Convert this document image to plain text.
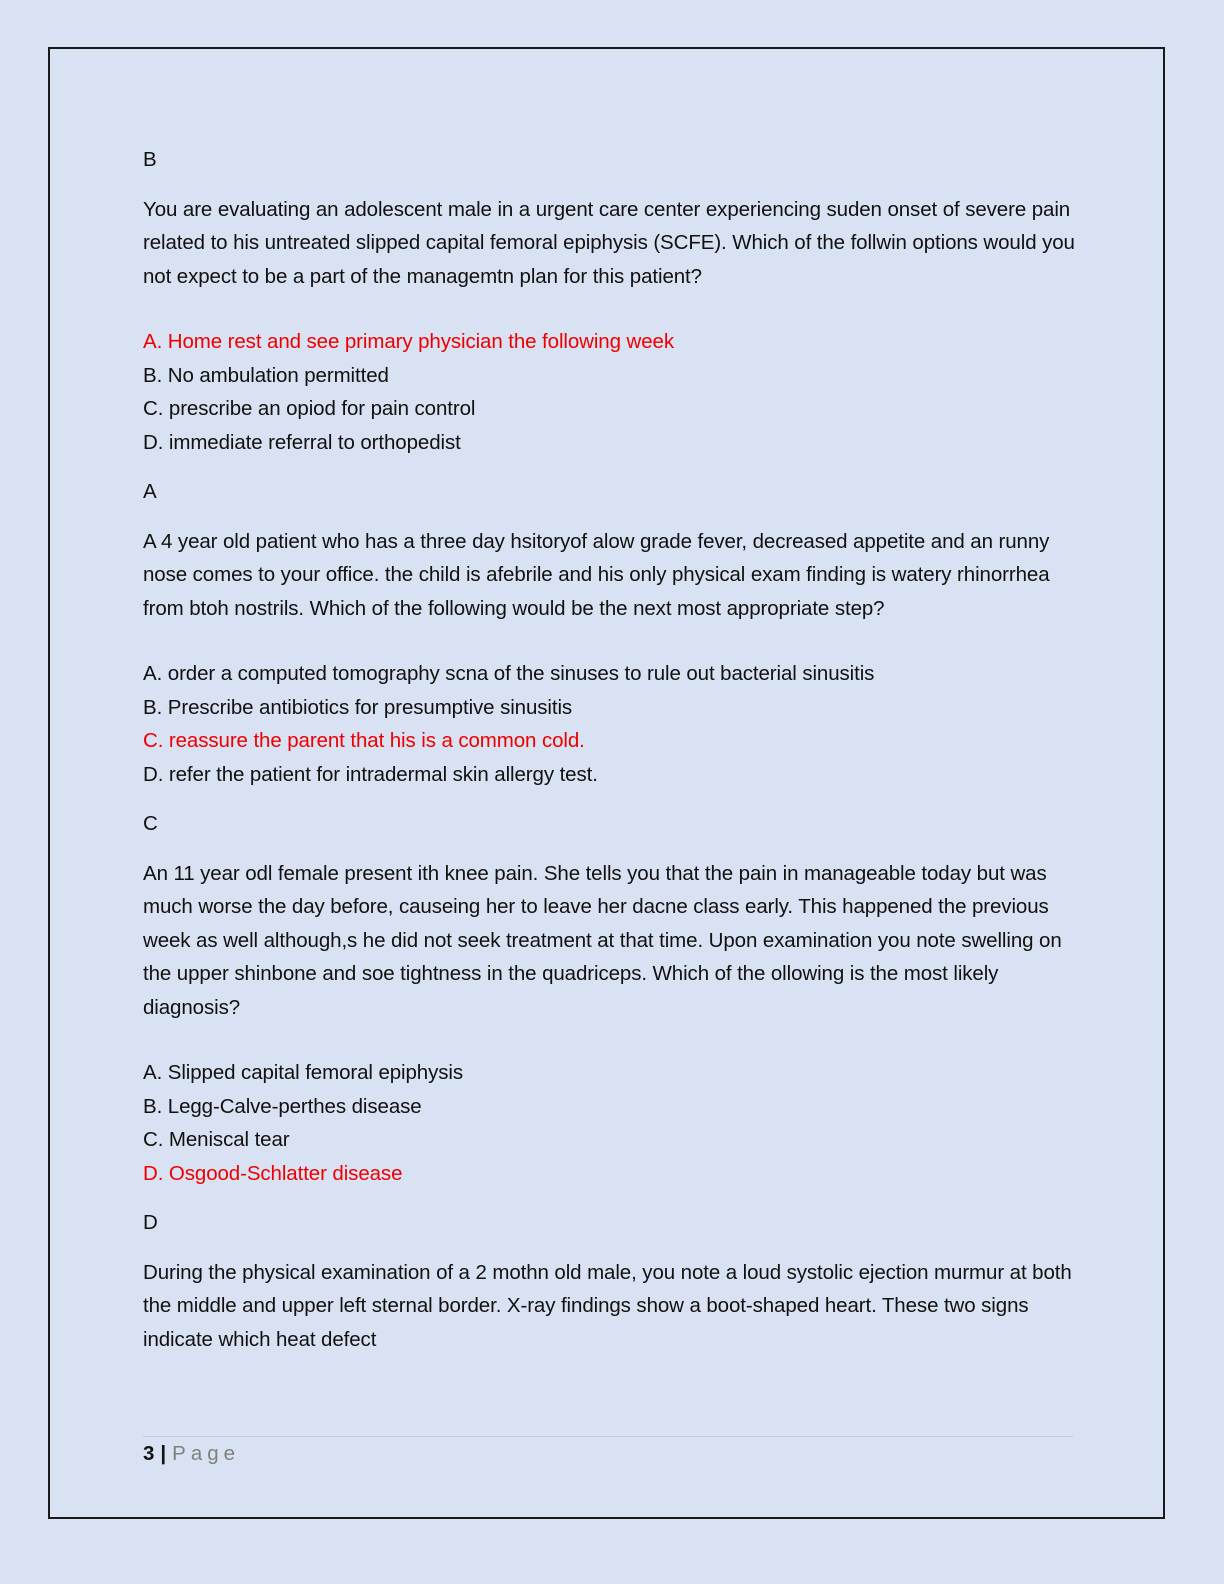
B

You are evaluating an adolescent male in a urgent care center experiencing suden onset of severe pain related to his untreated slipped capital femoral epiphysis (SCFE). Which of the follwin options would you not expect to be a part of the managemtn plan for this patient?

A. Home rest and see primary physician the following week

B. No ambulation permitted

C. prescribe an opiod for pain control

D. immediate referral to orthopedist

A

A 4 year old patient who has a three day hsitoryof alow grade fever, decreased appetite and an runny nose comes to your office. the child is afebrile and his only physical exam finding is watery rhinorrhea from btoh nostrils. Which of the following would be the next most appropriate step?

A. order a computed tomography scna of the sinuses to rule out bacterial sinusitis

B. Prescribe antibiotics for presumptive sinusitis

C. reassure the parent that his is a common cold.

D. refer the patient for intradermal skin allergy test.

C

An 11 year odl female present ith knee pain. She tells you that the pain in manageable today but was much worse the day before, causeing her to leave her dacne class early. This happened the previous week as well although,s he did not seek treatment at that time. Upon examination you note swelling on the upper shinbone and soe tightness in the quadriceps. Which of the ollowing is the most likely diagnosis?

A. Slipped capital femoral epiphysis

B. Legg-Calve-perthes disease

C. Meniscal tear

D. Osgood-Schlatter disease

D

During the physical examination of a 2 mothn old male, you note a loud systolic ejection murmur at both the middle and upper left sternal border. X-ray findings show a boot-shaped heart. These two signs indicate which heat defect

3 | Page
